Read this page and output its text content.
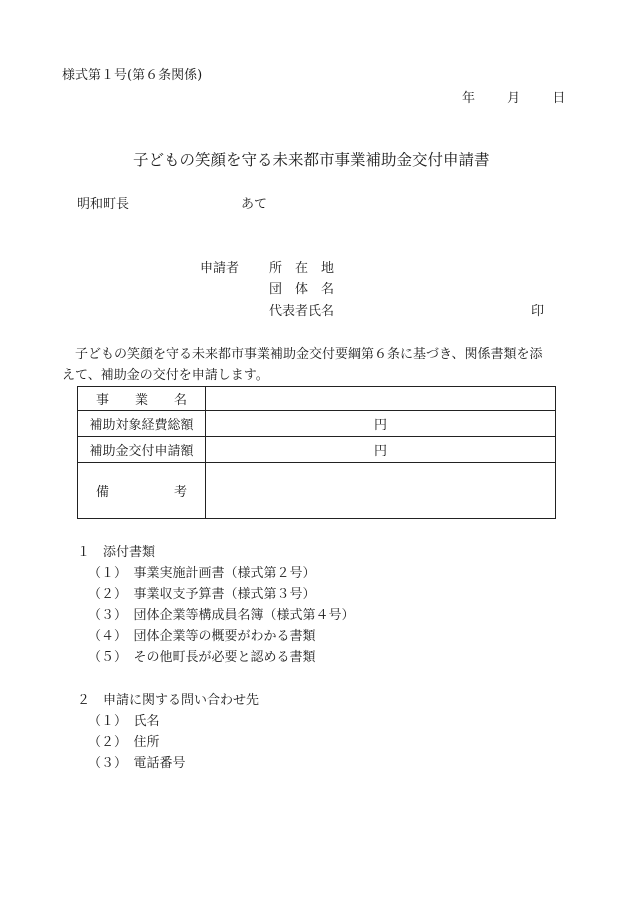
様式第１号(第６条関係)
年 月 日
子どもの笑顔を守る未来都市事業補助金交付申請書
明和町長	あて
申請者 所　在　地
団　体　名
代表者氏名	印
子どもの笑顔を守る未来都市事業補助金交付要綱第６条に基づき、関係書類を添
えて、補助金の交付を申請します。
事　　業　　名	
補助対象経費総額	円
補助金交付申請額	円
備　　　　　考	
１　添付書類
（１）　事業実施計画書（様式第２号）
（２）　事業収支予算書（様式第３号）
（３）　団体企業等構成員名簿（様式第４号）
（４）　団体企業等の概要がわかる書類
（５）　その他町長が必要と認める書類
２　申請に関する問い合わせ先
（１）　氏名
（２）　住所
（３）　電話番号
